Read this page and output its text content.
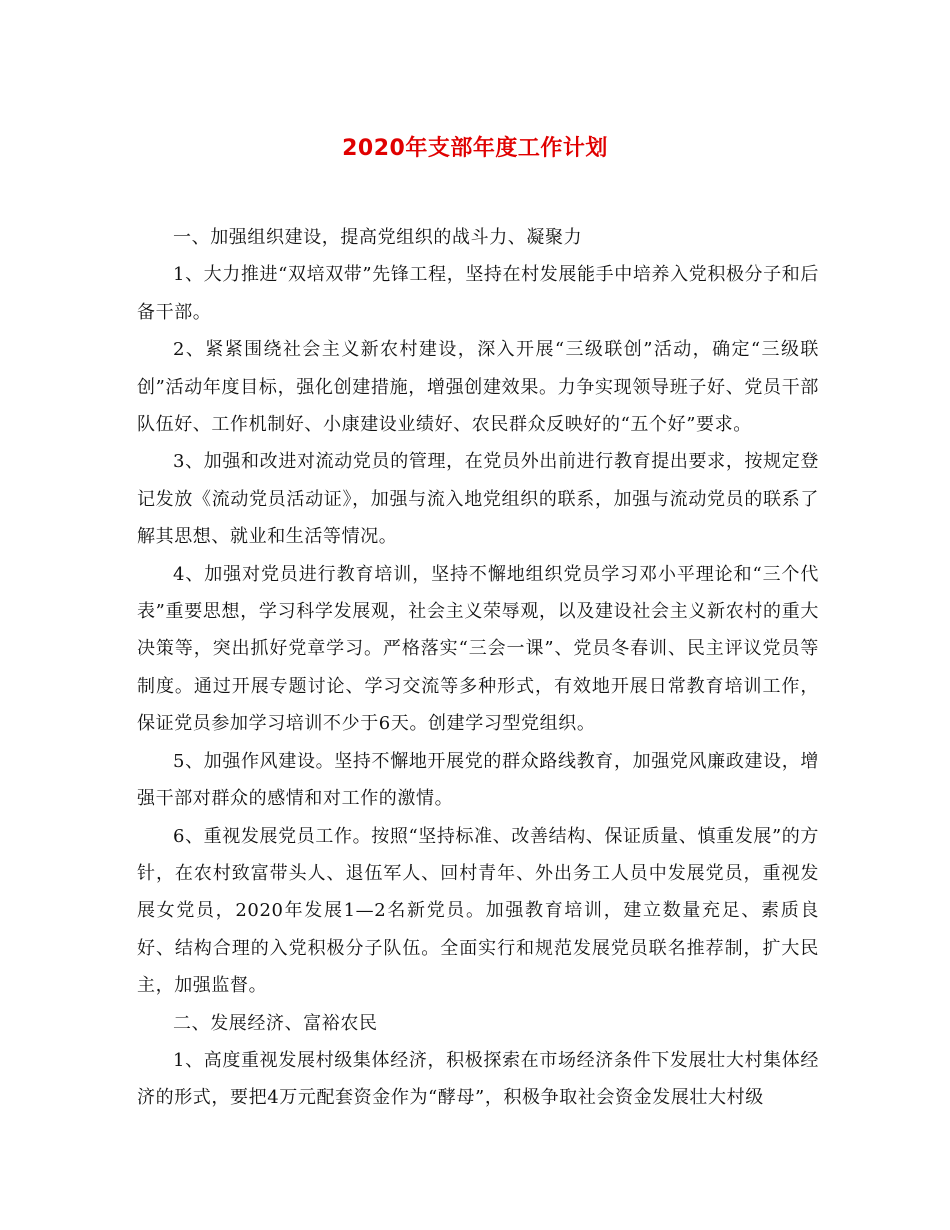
2020年支部年度工作计划

一、加强组织建设，提高党组织的战斗力、凝聚力

1、大力推进“双培双带”先锋工程，坚持在村发展能手中培养入党积极分子和后备干部。

2、紧紧围绕社会主义新农村建设，深入开展“三级联创”活动，确定“三级联创”活动年度目标，强化创建措施，增强创建效果。力争实现领导班子好、党员干部队伍好、工作机制好、小康建设业绩好、农民群众反映好的“五个好”要求。

3、加强和改进对流动党员的管理，在党员外出前进行教育提出要求，按规定登记发放《流动党员活动证》，加强与流入地党组织的联系，加强与流动党员的联系了解其思想、就业和生活等情况。

4、加强对党员进行教育培训，坚持不懈地组织党员学习邓小平理论和“三个代表”重要思想，学习科学发展观，社会主义荣辱观，以及建设社会主义新农村的重大决策等，突出抓好党章学习。严格落实“三会一课”、党员冬春训、民主评议党员等制度。通过开展专题讨论、学习交流等多种形式，有效地开展日常教育培训工作，保证党员参加学习培训不少于6天。创建学习型党组织。

5、加强作风建设。坚持不懈地开展党的群众路线教育，加强党风廉政建设，增强干部对群众的感情和对工作的激情。

6、重视发展党员工作。按照“坚持标准、改善结构、保证质量、慎重发展”的方针，在农村致富带头人、退伍军人、回村青年、外出务工人员中发展党员，重视发展女党员，2020年发展1—2名新党员。加强教育培训，建立数量充足、素质良好、结构合理的入党积极分子队伍。全面实行和规范发展党员联名推荐制，扩大民主，加强监督。

二、发展经济、富裕农民

1、高度重视发展村级集体经济，积极探索在市场经济条件下发展壮大村集体经济的形式，要把4万元配套资金作为“酵母”，积极争取社会资金发展壮大村级
